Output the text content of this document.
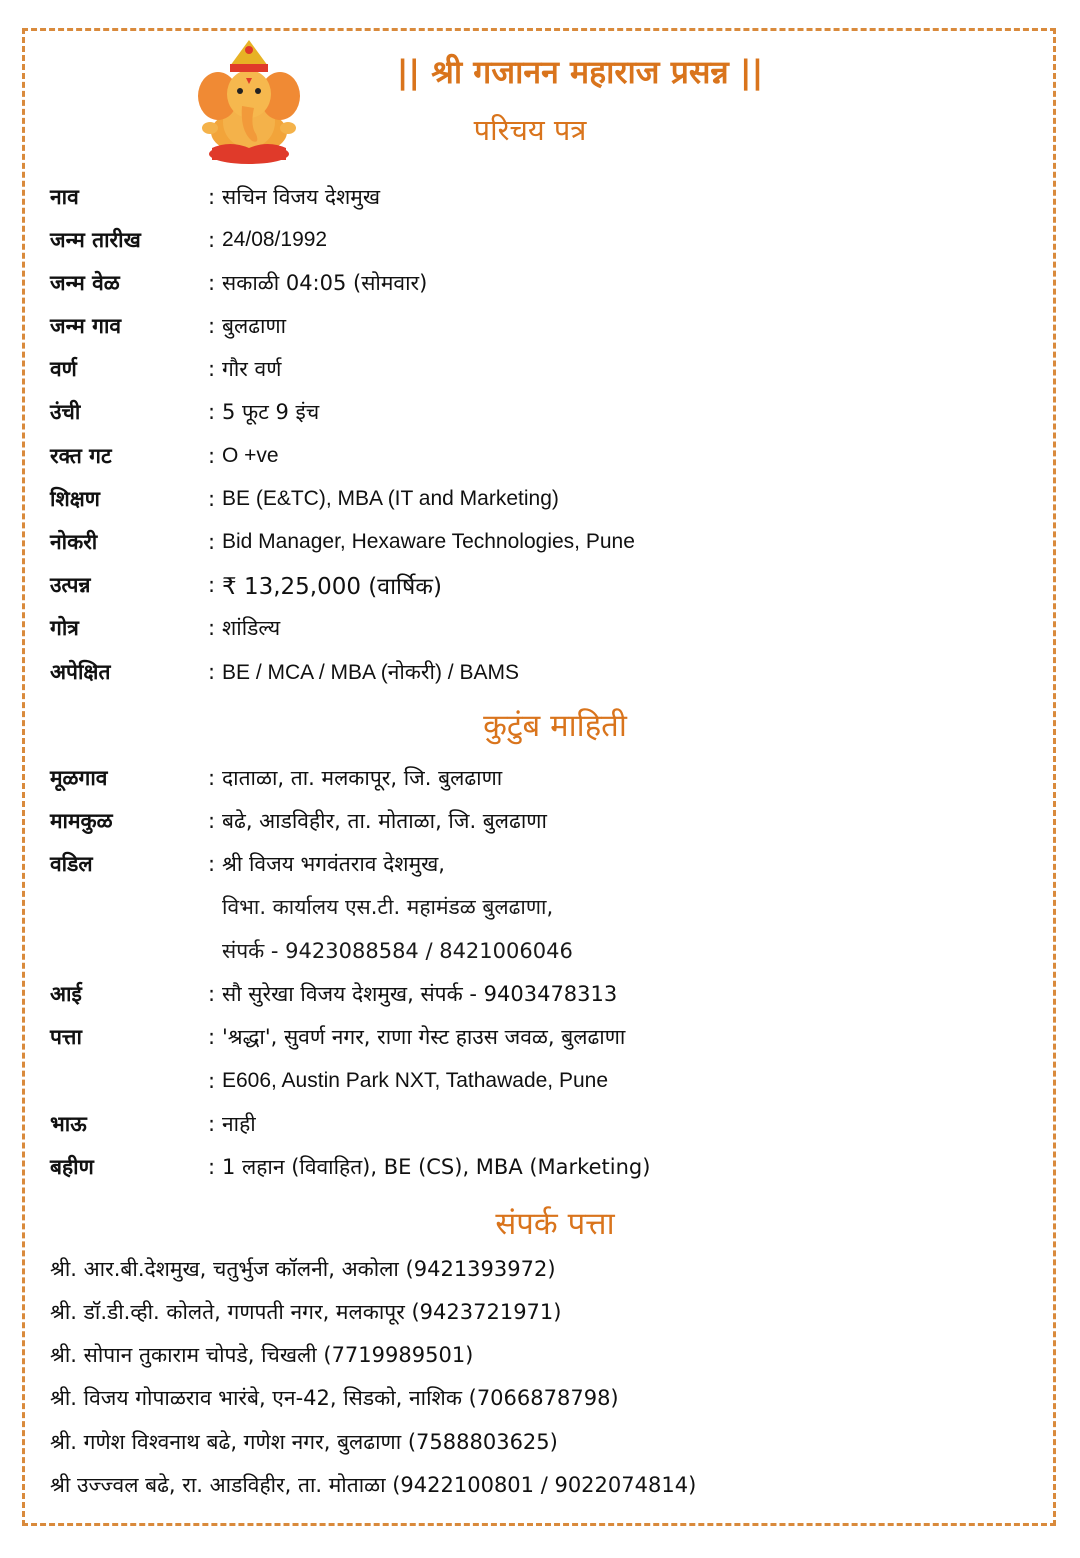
|| श्री गजानन महाराज प्रसन्न ||
परिचय पत्र
नाव	: सचिन विजय देशमुख
जन्म तारीख	: 24/08/1992
जन्म वेळ	: सकाळी 04:05 (सोमवार)
जन्म गाव	: बुलढाणा
वर्ण	: गौर वर्ण
उंची	: 5 फूट 9 इंच
रक्त गट	: O +ve
शिक्षण	: BE (E&TC), MBA (IT and Marketing)
नोकरी	: Bid Manager, Hexaware Technologies, Pune
उत्पन्न	: ₹ 13,25,000 (वार्षिक)
गोत्र	: शांडिल्य
अपेक्षित	: BE / MCA / MBA (नोकरी) / BAMS
कुटुंब माहिती
मूळगाव	: दाताळा, ता. मलकापूर, जि. बुलढाणा
मामकुळ	: बढे, आडविहीर, ता. मोताळा, जि. बुलढाणा
वडिल	: श्री विजय भगवंतराव देशमुख,
विभा. कार्यालय एस.टी. महामंडळ बुलढाणा,
संपर्क - 9423088584 / 8421006046
आई	: सौ सुरेखा विजय देशमुख, संपर्क - 9403478313
पत्ता	: 'श्रद्धा', सुवर्ण नगर, राणा गेस्ट हाउस जवळ, बुलढाणा
: E606, Austin Park NXT, Tathawade, Pune
भाऊ	: नाही
बहीण	: 1 लहान (विवाहित), BE (CS), MBA (Marketing)
संपर्क पत्ता
श्री. आर.बी.देशमुख, चतुर्भुज कॉलनी, अकोला (9421393972)
श्री. डॉ.डी.व्ही. कोलते, गणपती नगर, मलकापूर (9423721971)
श्री. सोपान तुकाराम चोपडे, चिखली (7719989501)
श्री. विजय गोपाळराव भारंबे, एन-42, सिडको, नाशिक (7066878798)
श्री. गणेश विश्वनाथ बढे, गणेश नगर, बुलढाणा (7588803625)
श्री उज्ज्वल बढे, रा. आडविहीर, ता. मोताळा (9422100801 / 9022074814)
